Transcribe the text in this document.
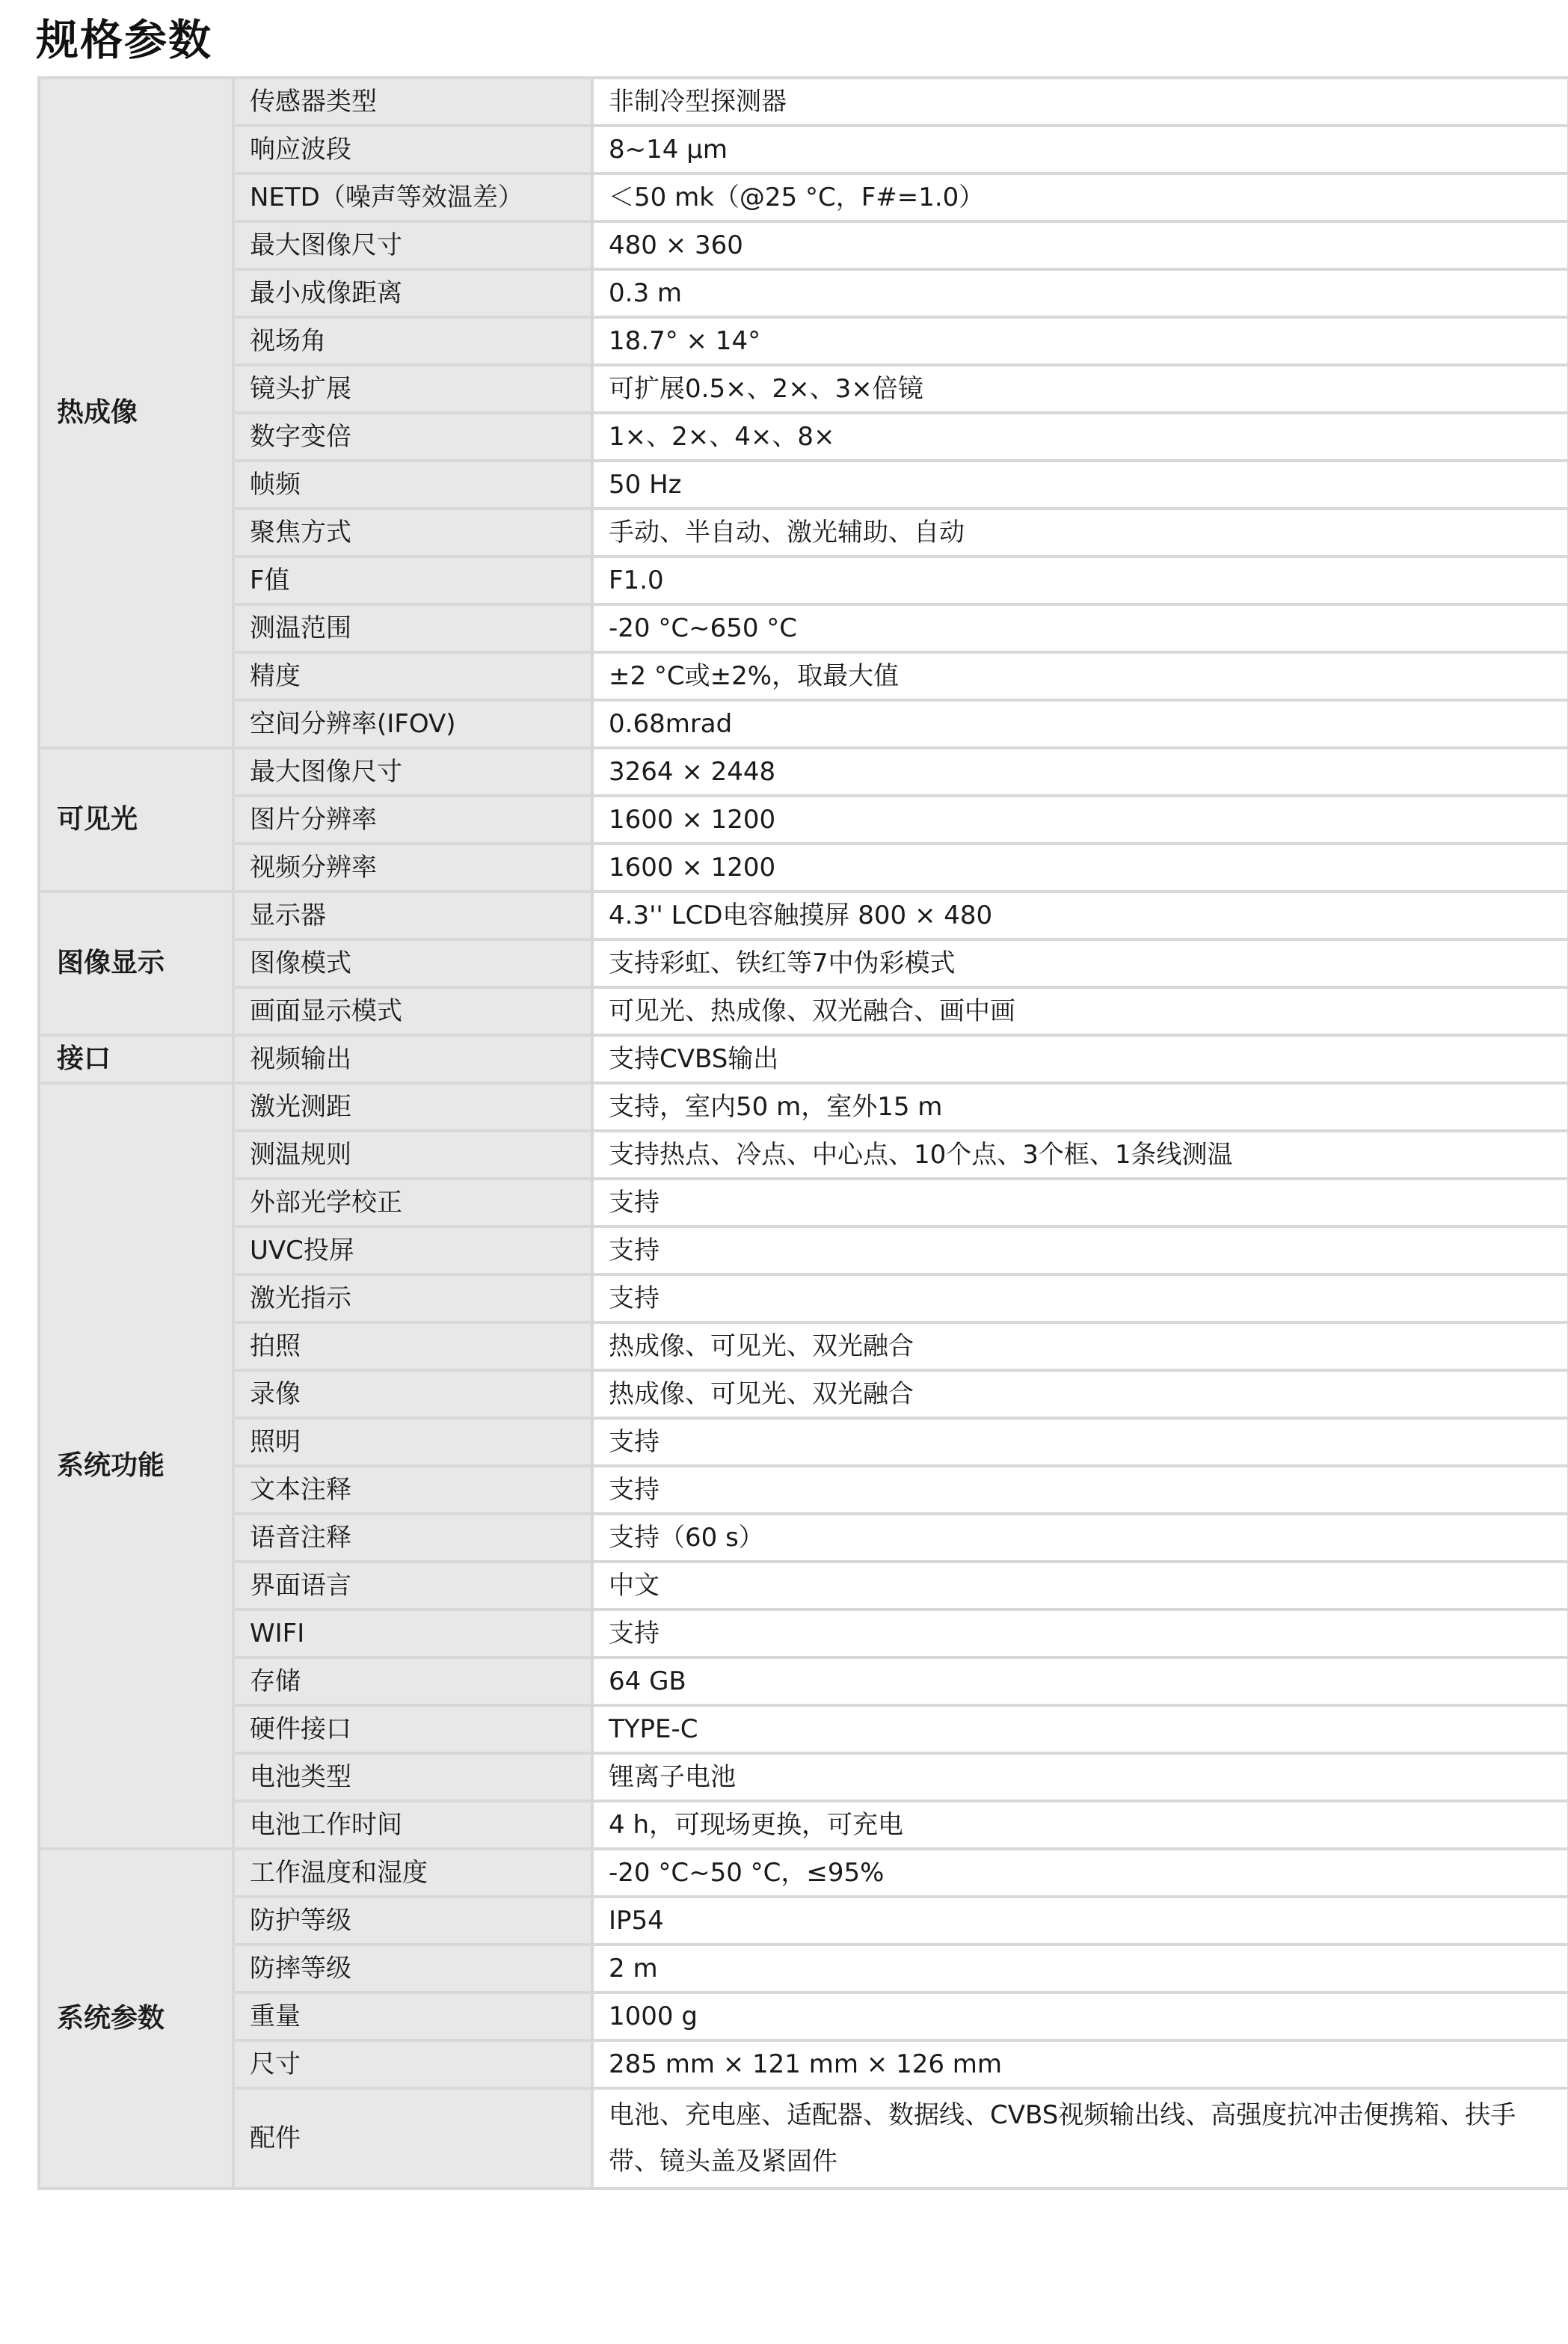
规格参数
热成像	传感器类型	非制冷型探测器
	响应波段	8~14 μm
	NETD（噪声等效温差）	＜50 mk（@25 °C，F#=1.0）
	最大图像尺寸	480 × 360
	最小成像距离	0.3 m
	视场角	18.7° × 14°
	镜头扩展	可扩展0.5×、2×、3×倍镜
	数字变倍	1×、2×、4×、8×
	帧频	50 Hz
	聚焦方式	手动、半自动、激光辅助、自动
	F值	F1.0
	测温范围	-20 °C~650 °C
	精度	±2 °C或±2%，取最大值
	空间分辨率(IFOV)	0.68mrad
可见光	最大图像尺寸	3264 × 2448
	图片分辨率	1600 × 1200
	视频分辨率	1600 × 1200
图像显示	显示器	4.3'' LCD电容触摸屏 800 × 480
	图像模式	支持彩虹、铁红等7中伪彩模式
	画面显示模式	可见光、热成像、双光融合、画中画
接口	视频输出	支持CVBS输出
系统功能	激光测距	支持，室内50 m，室外15 m
	测温规则	支持热点、冷点、中心点、10个点、3个框、1条线测温
	外部光学校正	支持
	UVC投屏	支持
	激光指示	支持
	拍照	热成像、可见光、双光融合
	录像	热成像、可见光、双光融合
	照明	支持
	文本注释	支持
	语音注释	支持（60 s）
	界面语言	中文
	WIFI	支持
	存储	64 GB
	硬件接口	TYPE-C
	电池类型	锂离子电池
	电池工作时间	4 h，可现场更换，可充电
系统参数	工作温度和湿度	-20 °C~50 °C，≤95%
	防护等级	IP54
	防摔等级	2 m
	重量	1000 g
	尺寸	285 mm × 121 mm × 126 mm
	配件	电池、充电座、适配器、数据线、CVBS视频输出线、高强度抗冲击便携箱、扶手带、镜头盖及紧固件
